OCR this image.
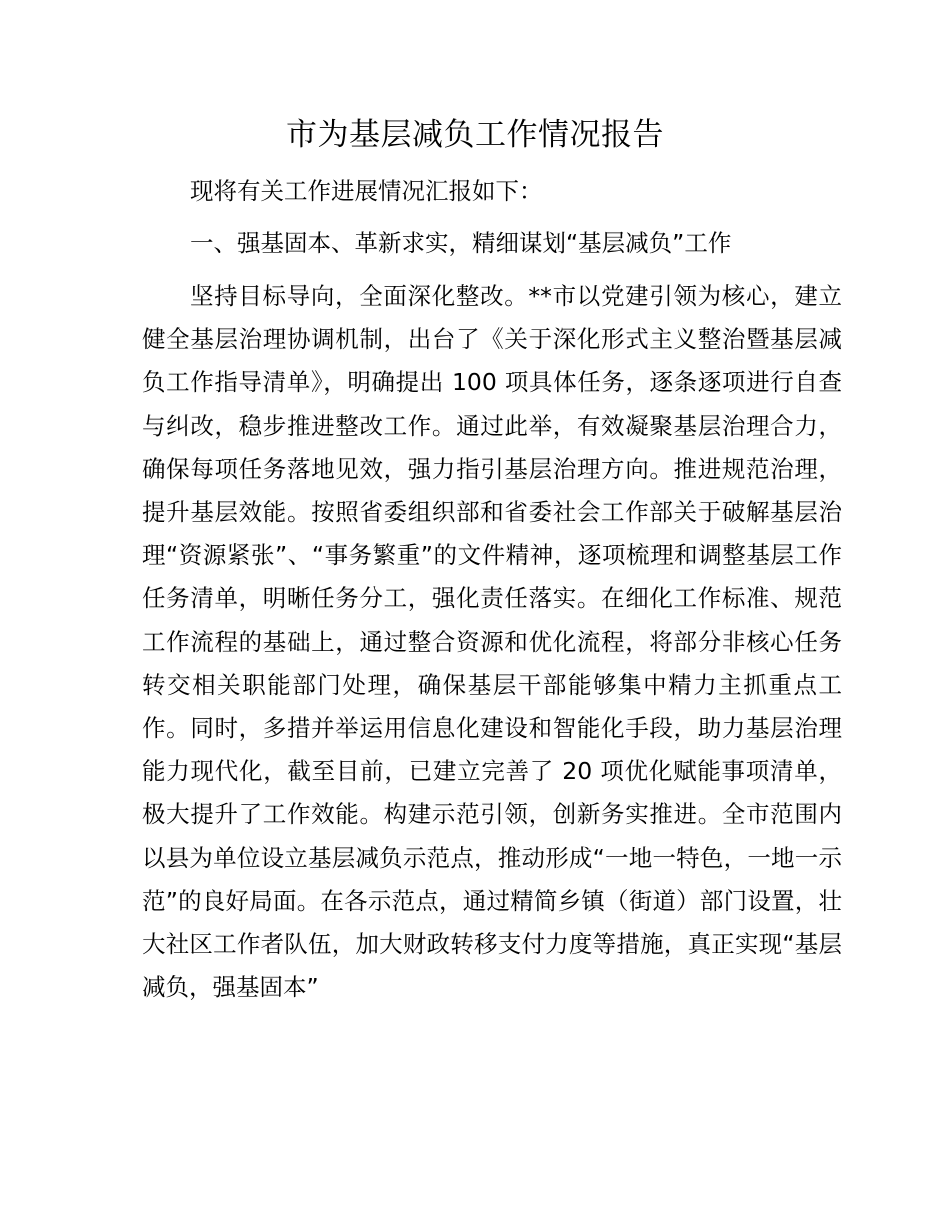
市为基层减负工作情况报告

现将有关工作进展情况汇报如下：

一、强基固本、革新求实，精细谋划“基层减负”工作

坚持目标导向，全面深化整改。**市以党建引领为核心，建立健全基层治理协调机制，出台了《关于深化形式主义整治暨基层减负工作指导清单》，明确提出 100 项具体任务，逐条逐项进行自查与纠改，稳步推进整改工作。通过此举，有效凝聚基层治理合力，确保每项任务落地见效，强力指引基层治理方向。推进规范治理，提升基层效能。按照省委组织部和省委社会工作部关于破解基层治理“资源紧张”、“事务繁重”的文件精神，逐项梳理和调整基层工作任务清单，明晰任务分工，强化责任落实。在细化工作标准、规范工作流程的基础上，通过整合资源和优化流程，将部分非核心任务转交相关职能部门处理，确保基层干部能够集中精力主抓重点工作。同时，多措并举运用信息化建设和智能化手段，助力基层治理能力现代化，截至目前，已建立完善了 20 项优化赋能事项清单，极大提升了工作效能。构建示范引领，创新务实推进。全市范围内以县为单位设立基层减负示范点，推动形成“一地一特色，一地一示范”的良好局面。在各示范点，通过精简乡镇（街道）部门设置，壮大社区工作者队伍，加大财政转移支付力度等措施，真正实现“基层减负，强基固本”
